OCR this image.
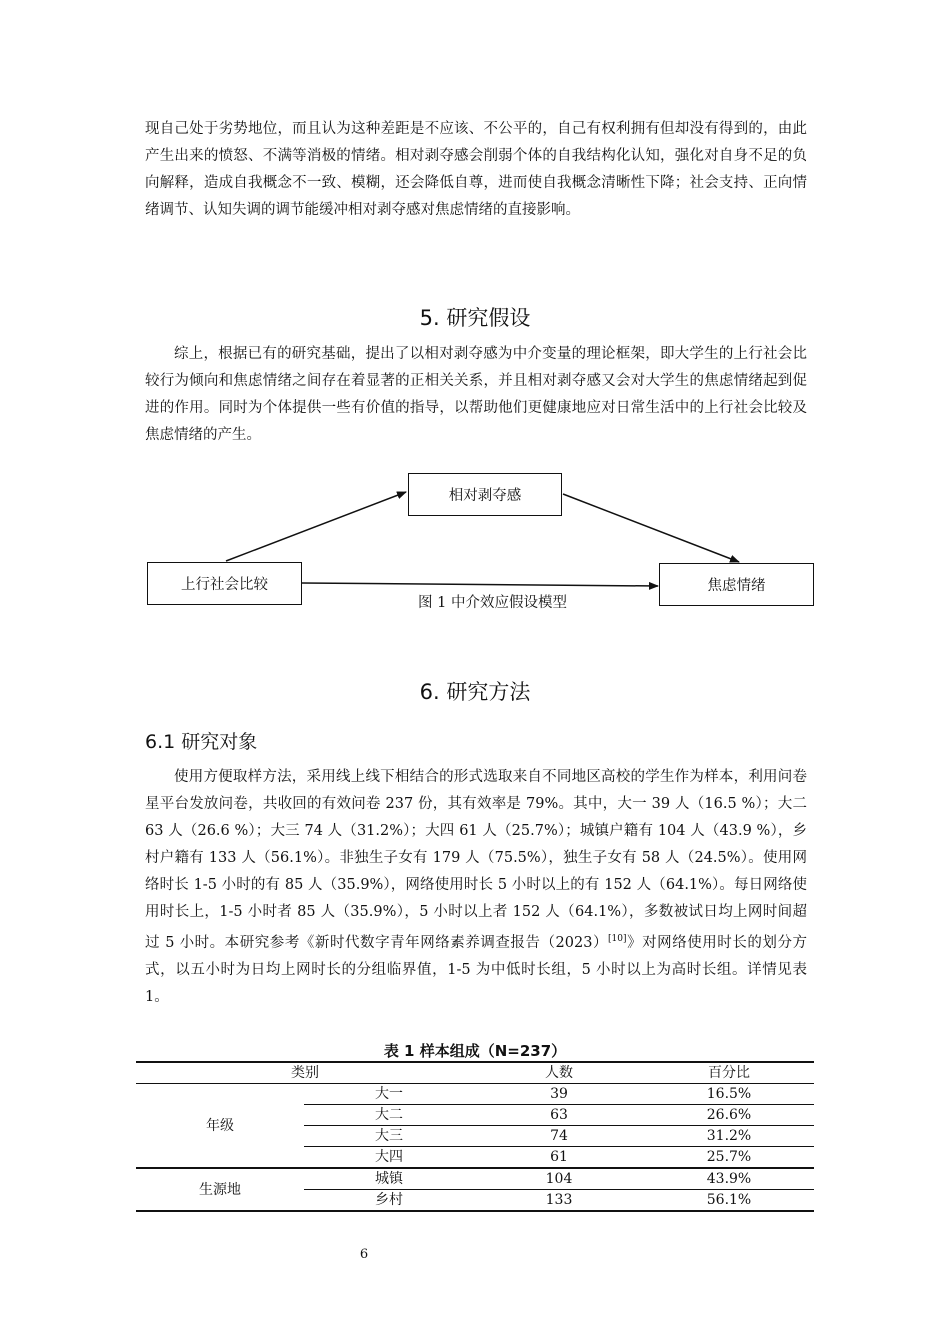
现自己处于劣势地位，而且认为这种差距是不应该、不公平的，自己有权利拥有但却没有得到的，由此产生出来的愤怒、不满等消极的情绪。相对剥夺感会削弱个体的自我结构化认知，强化对自身不足的负向解释，造成自我概念不一致、模糊，还会降低自尊，进而使自我概念清晰性下降；社会支持、正向情绪调节、认知失调的调节能缓冲相对剥夺感对焦虑情绪的直接影响。

5. 研究假设

综上，根据已有的研究基础，提出了以相对剥夺感为中介变量的理论框架，即大学生的上行社会比较行为倾向和焦虑情绪之间存在着显著的正相关关系，并且相对剥夺感又会对大学生的焦虑情绪起到促进的作用。同时为个体提供一些有价值的指导，以帮助他们更健康地应对日常生活中的上行社会比较及焦虑情绪的产生。

相对剥夺感
上行社会比较	焦虑情绪
图 1 中介效应假设模型
6. 研究方法
6.1 研究对象

使用方便取样方法，采用线上线下相结合的形式选取来自不同地区高校的学生作为样本，利用问卷星平台发放问卷，共收回的有效问卷 237 份，其有效率是 79%。其中，大一 39 人（16.5 %）；大二 63 人（26.6 %）；大三 74 人（31.2%）；大四 61 人（25.7%）；城镇户籍有 104 人（43.9 %），乡村户籍有 133 人（56.1%）。非独生子女有 179 人（75.5%），独生子女有 58 人（24.5%）。使用网络时长 1-5 小时的有 85 人（35.9%），网络使用时长 5 小时以上的有 152 人（64.1%）。每日网络使用时长上，1-5 小时者 85 人（35.9%），5 小时以上者 152 人（64.1%），多数被试日均上网时间超过 5 小时。本研究参考《新时代数字青年网络素养调查报告（2023）[10]》对网络使用时长的划分方式，以五小时为日均上网时长的分组临界值，1-5 为中低时长组，5 小时以上为高时长组。详情见表 1。

表 1 样本组成（N=237）
类别		人数	百分比
年级	大一	39	16.5%
	大二	63	26.6%
	大三	74	31.2%
	大四	61	25.7%
生源地	城镇	104	43.9%
	乡村	133	56.1%
6
